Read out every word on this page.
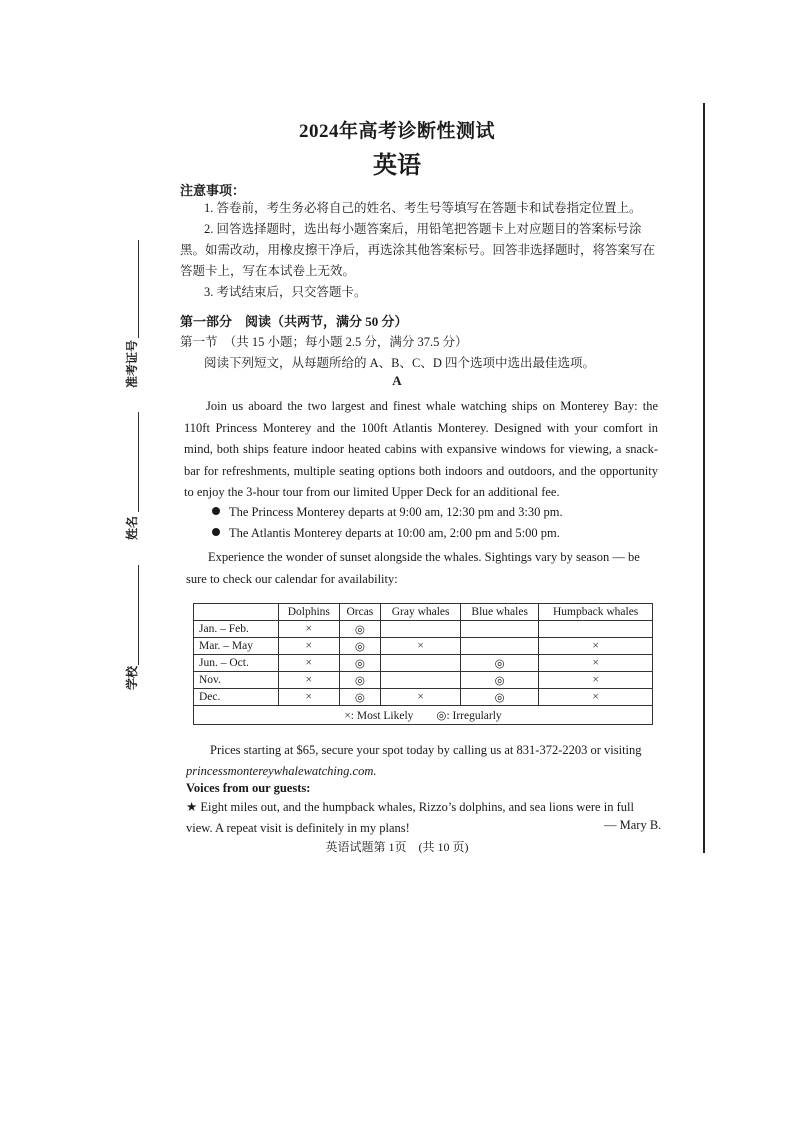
2024年高考诊断性测试
英语
注意事项：
1. 答卷前，考生务必将自己的姓名、考生号等填写在答题卡和试卷指定位置上。
2. 回答选择题时，选出每小题答案后，用铅笔把答题卡上对应题目的答案标号涂黑。如需改动，用橡皮擦干净后，再选涂其他答案标号。回答非选择题时，将答案写在答题卡上，写在本试卷上无效。
3. 考试结束后，只交答题卡。
准考证号
姓名
学校
第一部分　阅读（共两节，满分 50 分）
第一节　（共 15 小题；每小题 2.5 分，满分 37.5 分）
阅读下列短文，从每题所给的 A、B、C、D 四个选项中选出最佳选项。
A
Join us aboard the two largest and finest whale watching ships on Monterey Bay: the 110ft Princess Monterey and the 100ft Atlantis Monterey. Designed with your comfort in mind, both ships feature indoor heated cabins with expansive windows for viewing, a snack-bar for refreshments, multiple seating options both indoors and outdoors, and the opportunity to enjoy the 3-hour tour from our limited Upper Deck for an additional fee.
The Princess Monterey departs at 9:00 am, 12:30 pm and 3:30 pm.
The Atlantis Monterey departs at 10:00 am, 2:00 pm and 5:00 pm.
Experience the wonder of sunset alongside the whales. Sightings vary by season — be sure to check our calendar for availability:
	Dolphins	Orcas	Gray whales	Blue whales	Humpback whales
Jan. – Feb.	×	◎			
Mar. – May	×	◎	×		×
Jun. – Oct.	×	◎		◎	×
Nov.	×	◎		◎	×
Dec.	×	◎	×	◎	×
×: Most Likely　　◎: Irregularly					
Prices starting at $65, secure your spot today by calling us at 831-372-2203 or visiting
princessmontereywhalewatching.com.
Voices from our guests:
★ Eight miles out, and the humpback whales, Rizzo’s dolphins, and sea lions were in full view. A repeat visit is definitely in my plans!	— Mary B.
英语试题第 1页　(共 10 页)
